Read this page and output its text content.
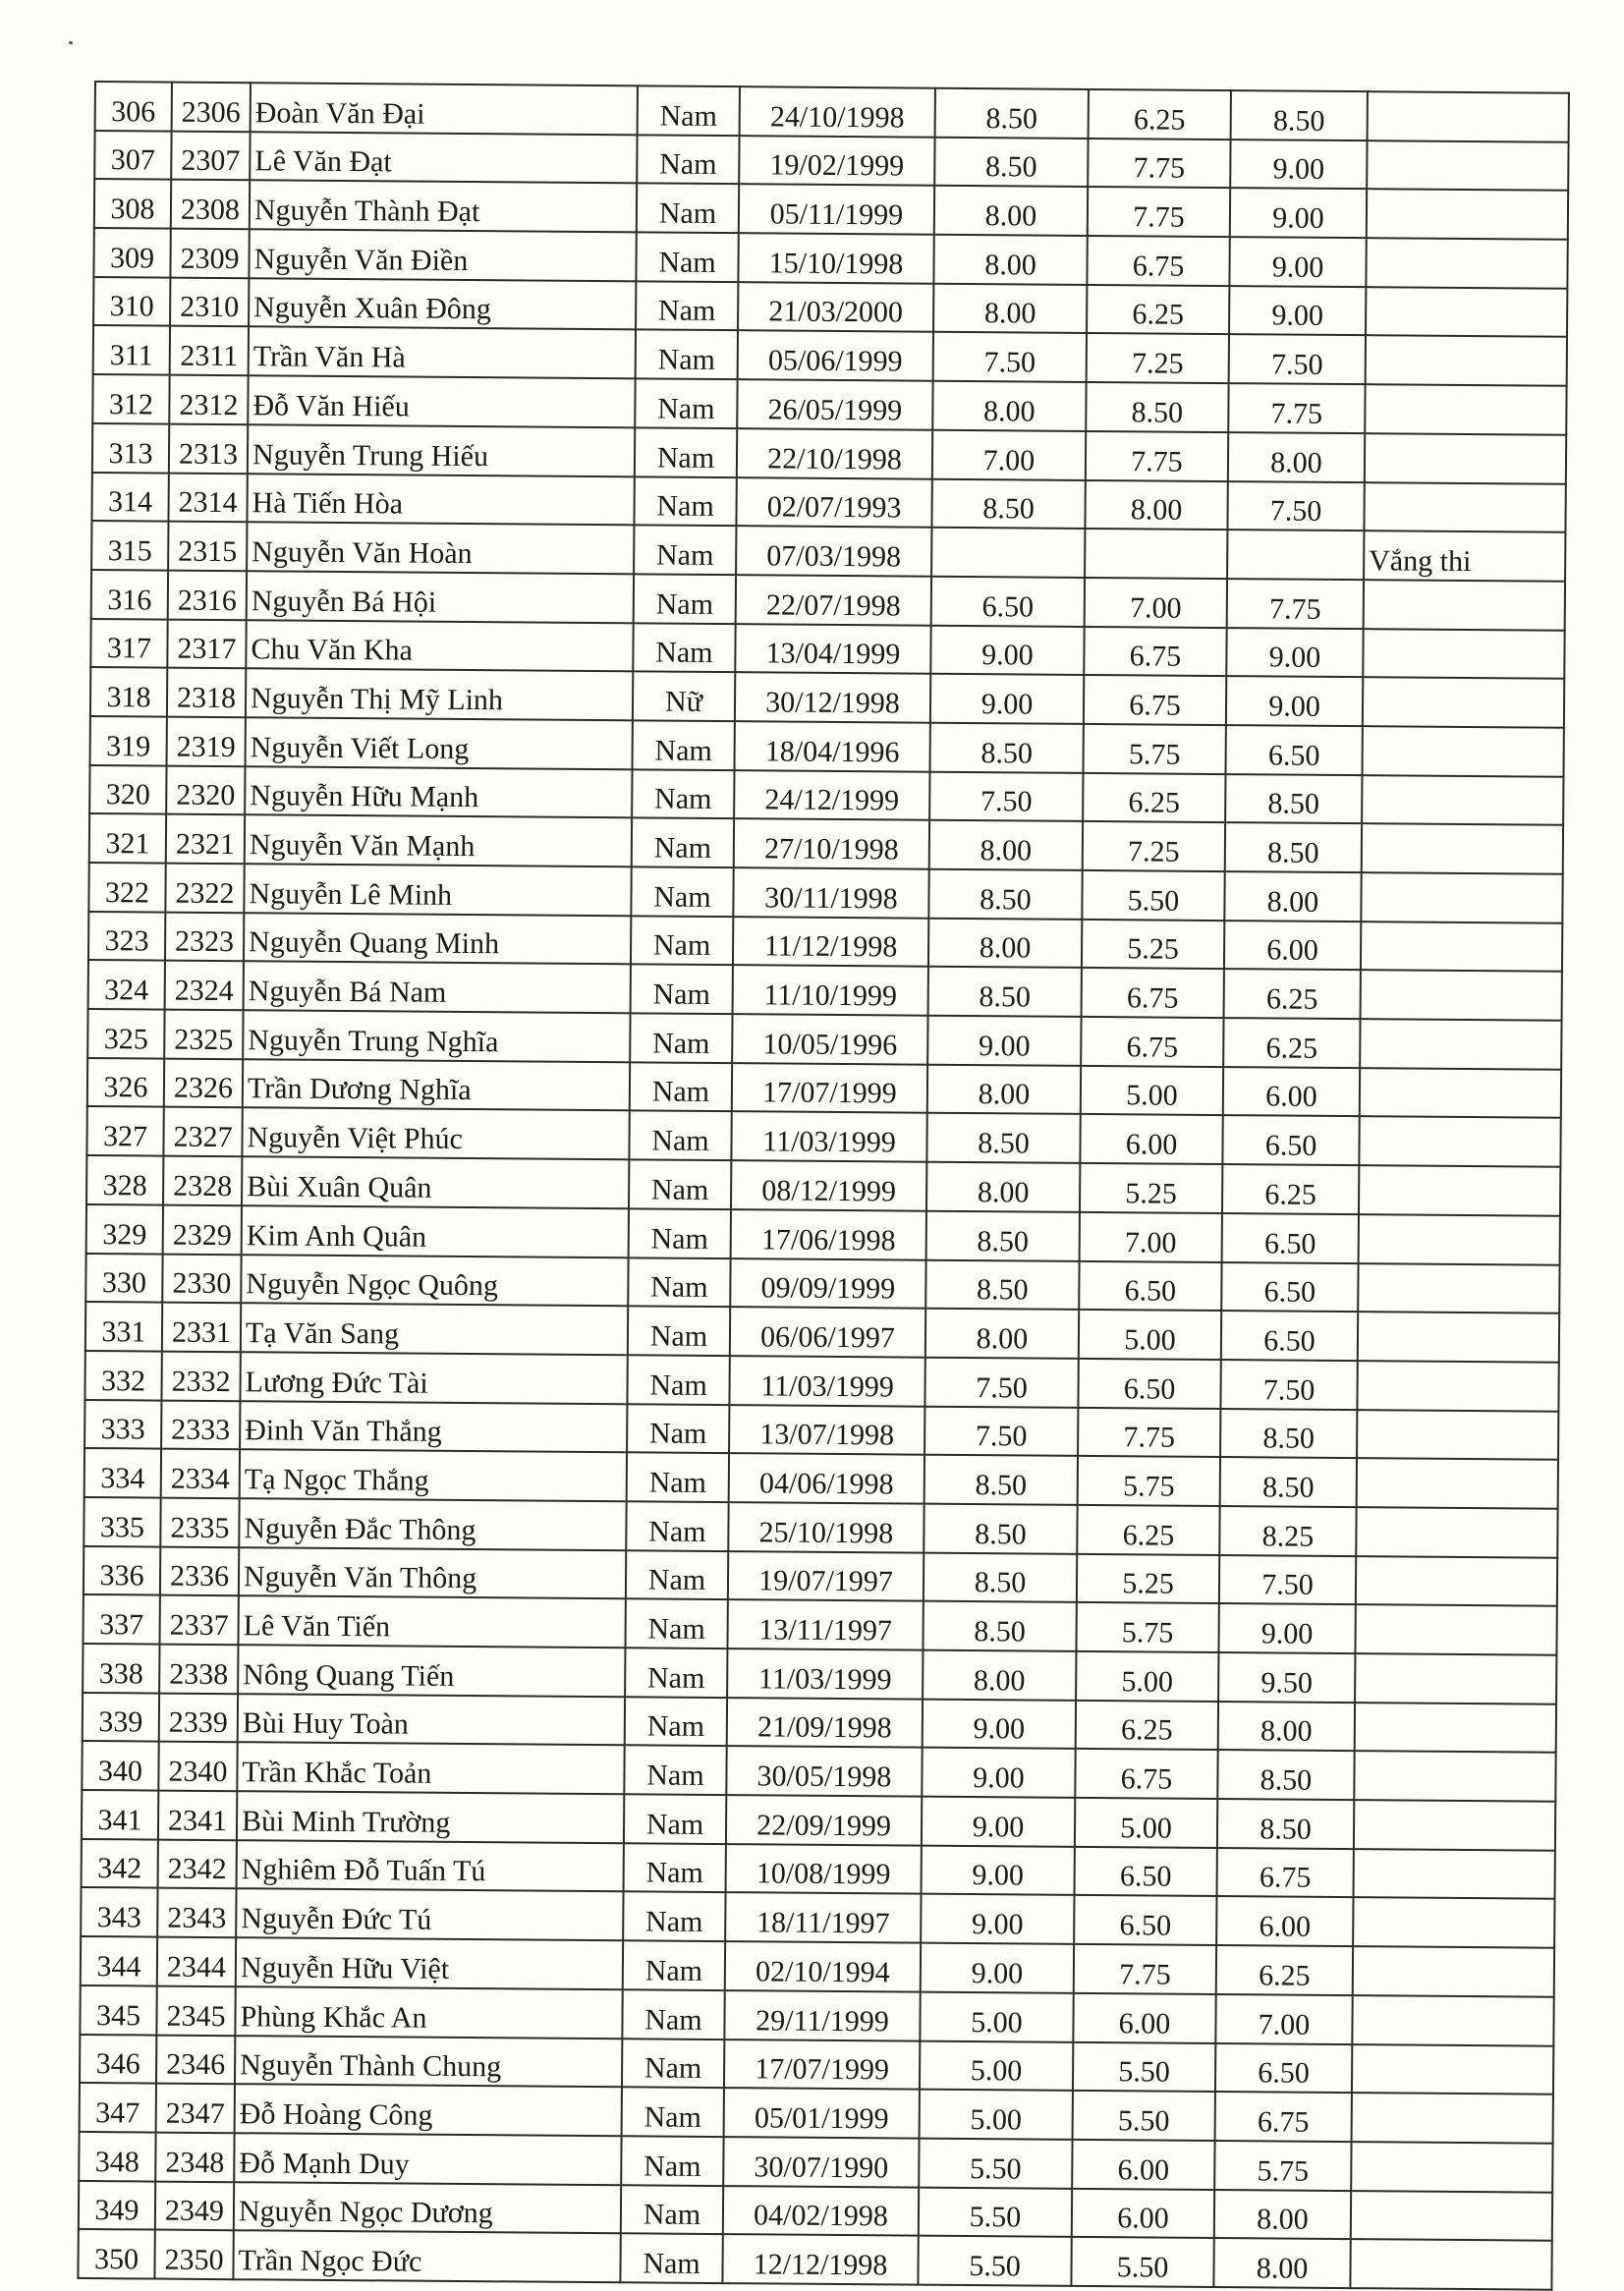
306	2306	Đoàn Văn Đại	Nam	24/10/1998	8.50	6.25	8.50	
307	2307	Lê Văn Đạt	Nam	19/02/1999	8.50	7.75	9.00	
308	2308	Nguyễn Thành Đạt	Nam	05/11/1999	8.00	7.75	9.00	
309	2309	Nguyễn Văn Điền	Nam	15/10/1998	8.00	6.75	9.00	
310	2310	Nguyễn Xuân Đông	Nam	21/03/2000	8.00	6.25	9.00	
311	2311	Trần Văn Hà	Nam	05/06/1999	7.50	7.25	7.50	
312	2312	Đỗ Văn Hiếu	Nam	26/05/1999	8.00	8.50	7.75	
313	2313	Nguyễn Trung Hiếu	Nam	22/10/1998	7.00	7.75	8.00	
314	2314	Hà Tiến Hòa	Nam	02/07/1993	8.50	8.00	7.50	
315	2315	Nguyễn Văn Hoàn	Nam	07/03/1998				Vắng thi
316	2316	Nguyễn Bá Hội	Nam	22/07/1998	6.50	7.00	7.75	
317	2317	Chu Văn Kha	Nam	13/04/1999	9.00	6.75	9.00	
318	2318	Nguyễn Thị Mỹ Linh	Nữ	30/12/1998	9.00	6.75	9.00	
319	2319	Nguyễn Viết Long	Nam	18/04/1996	8.50	5.75	6.50	
320	2320	Nguyễn Hữu Mạnh	Nam	24/12/1999	7.50	6.25	8.50	
321	2321	Nguyễn Văn Mạnh	Nam	27/10/1998	8.00	7.25	8.50	
322	2322	Nguyễn Lê Minh	Nam	30/11/1998	8.50	5.50	8.00	
323	2323	Nguyễn Quang Minh	Nam	11/12/1998	8.00	5.25	6.00	
324	2324	Nguyễn Bá Nam	Nam	11/10/1999	8.50	6.75	6.25	
325	2325	Nguyễn Trung Nghĩa	Nam	10/05/1996	9.00	6.75	6.25	
326	2326	Trần Dương Nghĩa	Nam	17/07/1999	8.00	5.00	6.00	
327	2327	Nguyễn Việt Phúc	Nam	11/03/1999	8.50	6.00	6.50	
328	2328	Bùi Xuân Quân	Nam	08/12/1999	8.00	5.25	6.25	
329	2329	Kim Anh Quân	Nam	17/06/1998	8.50	7.00	6.50	
330	2330	Nguyễn Ngọc Quông	Nam	09/09/1999	8.50	6.50	6.50	
331	2331	Tạ Văn Sang	Nam	06/06/1997	8.00	5.00	6.50	
332	2332	Lương Đức Tài	Nam	11/03/1999	7.50	6.50	7.50	
333	2333	Đinh Văn Thắng	Nam	13/07/1998	7.50	7.75	8.50	
334	2334	Tạ Ngọc Thắng	Nam	04/06/1998	8.50	5.75	8.50	
335	2335	Nguyễn Đắc Thông	Nam	25/10/1998	8.50	6.25	8.25	
336	2336	Nguyễn Văn Thông	Nam	19/07/1997	8.50	5.25	7.50	
337	2337	Lê Văn Tiến	Nam	13/11/1997	8.50	5.75	9.00	
338	2338	Nông Quang Tiến	Nam	11/03/1999	8.00	5.00	9.50	
339	2339	Bùi Huy Toàn	Nam	21/09/1998	9.00	6.25	8.00	
340	2340	Trần Khắc Toản	Nam	30/05/1998	9.00	6.75	8.50	
341	2341	Bùi Minh Trường	Nam	22/09/1999	9.00	5.00	8.50	
342	2342	Nghiêm Đỗ Tuấn Tú	Nam	10/08/1999	9.00	6.50	6.75	
343	2343	Nguyễn Đức Tú	Nam	18/11/1997	9.00	6.50	6.00	
344	2344	Nguyễn Hữu Việt	Nam	02/10/1994	9.00	7.75	6.25	
345	2345	Phùng Khắc An	Nam	29/11/1999	5.00	6.00	7.00	
346	2346	Nguyễn Thành Chung	Nam	17/07/1999	5.00	5.50	6.50	
347	2347	Đỗ Hoàng Công	Nam	05/01/1999	5.00	5.50	6.75	
348	2348	Đỗ Mạnh Duy	Nam	30/07/1990	5.50	6.00	5.75	
349	2349	Nguyễn Ngọc Dương	Nam	04/02/1998	5.50	6.00	8.00	
350	2350	Trần Ngọc Đức	Nam	12/12/1998	5.50	5.50	8.00	
